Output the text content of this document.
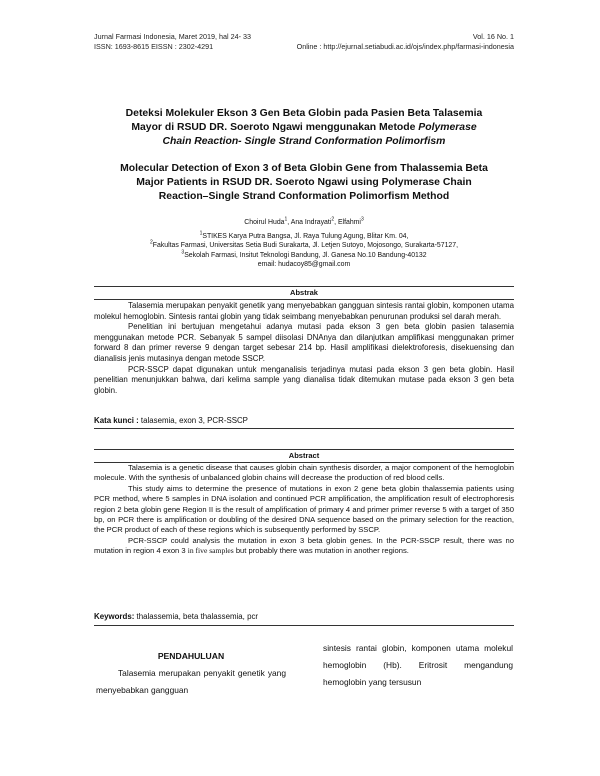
Jurnal Farmasi Indonesia, Maret 2019, hal 24- 33	Vol. 16 No. 1
ISSN: 1693-8615 EISSN : 2302-4291	Online : http://ejurnal.setiabudi.ac.id/ojs/index.php/farmasi-indonesia
Deteksi Molekuler Ekson 3 Gen Beta Globin pada Pasien Beta Talasemia
Mayor di RSUD DR. Soeroto Ngawi menggunakan Metode Polymerase
Chain Reaction- Single Strand Conformation Polimorfism
Molecular Detection of Exon 3 of Beta Globin Gene from Thalassemia Beta
Major Patients in RSUD DR. Soeroto Ngawi using Polymerase Chain
Reaction–Single Strand Conformation Polimorfism Method
Choirul Huda$^1$, Ana Indrayati$^2$, Elfahmi$^3$
$^1$STIKES Karya Putra Bangsa, Jl. Raya Tulung Agung, Blitar Km. 04,
$^2$Fakultas Farmasi, Universitas Setia Budi Surakarta, Jl. Letjen Sutoyo, Mojosongo, Surakarta-57127,
$^3$Sekolah Farmasi, Insitut Teknologi Bandung, Jl. Ganesa No.10 Bandung-40132
email: hudacoy85@gmail.com
Abstrak

Talasemia merupakan penyakit genetik yang menyebabkan gangguan sintesis rantai globin, komponen utama molekul hemoglobin. Sintesis rantai globin yang tidak seimbang menyebabkan penurunan produksi sel darah merah.

Penelitian ini bertujuan mengetahui adanya mutasi pada ekson 3 gen beta globin pasien talasemia menggunakan metode PCR. Sebanyak 5 sampel diisolasi DNAnya dan dilanjutkan amplifikasi menggunakan primer forward 8 dan primer reverse 9 dengan target sebesar 214 bp. Hasil amplifikasi dielektroforesis, disekuensing dan dianalisis jenis mutasinya dengan metode SSCP.

PCR-SSCP dapat digunakan untuk menganalisis terjadinya mutasi pada ekson 3 gen beta globin. Hasil penelitian menunjukkan bahwa, dari kelima sample yang dianalisa tidak ditemukan mutase pada ekson 3 gen beta globin.

Kata kunci : talasemia, exon 3, PCR-SSCP
Abstract

Talasemia is a genetic disease that causes globin chain synthesis disorder, a major component of the hemoglobin molecule. With the synthesis of unbalanced globin chains will decrease the production of red blood cells.

This study aims to determine the presence of mutations in exon 2 gene beta globin thalassemia patients using PCR method, where 5 samples in DNA isolation and continued PCR amplification, the amplification result of electrophoresis region 2 beta globin gene Region II is the result of amplification of primary 4 and primer primer reverse 5 with a target of 350 bp, on PCR there is amplification or doubling of the desired DNA sequence based on the primary selection for the reaction, the PCR product of each of these regions which is subsequently performed by SSCP.

PCR-SSCP could analysis the mutation in exon 3 beta globin genes. In the PCR-SSCP result, there was no mutation in region 4 exon 3 in five samples but probably there was mutation in another regions.

Keywords: thalassemia, beta thalassemia, pcr
PENDAHULUAN

Talasemia merupakan penyakit genetik yang menyebabkan gangguan

sintesis rantai globin, komponen utama molekul hemoglobin (Hb). Eritrosit mengandung hemoglobin yang tersusun
